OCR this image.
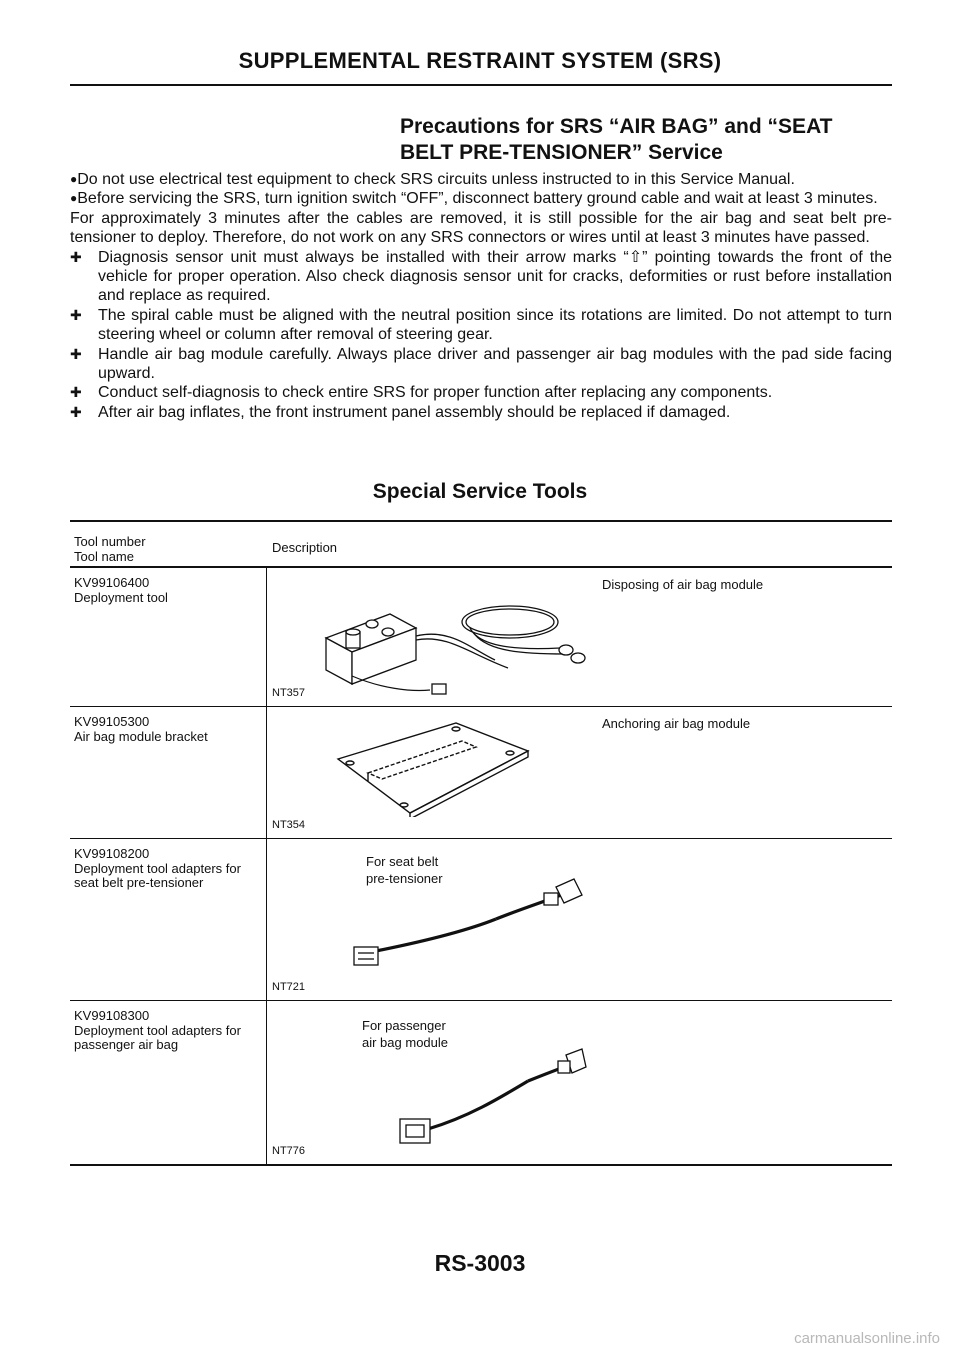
SUPPLEMENTAL RESTRAINT SYSTEM (SRS)
Precautions for SRS “AIR BAG” and “SEAT
BELT PRE-TENSIONER” Service

●Do not use electrical test equipment to check SRS circuits unless instructed to in this Service Manual.

●Before servicing the SRS, turn ignition switch “OFF”, disconnect battery ground cable and wait at least 3 minutes.

For approximately 3 minutes after the cables are removed, it is still possible for the air bag and seat belt pre-tensioner to deploy. Therefore, do not work on any SRS connectors or wires until at least 3 minutes have passed.

✚ Diagnosis sensor unit must always be installed with their arrow marks “⇧” pointing towards the front of the vehicle for proper operation. Also check diagnosis sensor unit for cracks, deformities or rust before installation and replace as required.
✚ The spiral cable must be aligned with the neutral position since its rotations are limited. Do not attempt to turn steering wheel or column after removal of steering gear.
✚ Handle air bag module carefully. Always place driver and passenger air bag modules with the pad side facing upward.
✚ Conduct self-diagnosis to check entire SRS for proper function after replacing any components.
✚ After air bag inflates, the front instrument panel assembly should be replaced if damaged.
Special Service Tools
Tool number
Tool name
Description
KV99106400
Deployment tool
Disposing of air bag module
NT357
KV99105300
Air bag module bracket
Anchoring air bag module
NT354
KV99108200
Deployment tool adapters for
seat belt pre-tensioner
For seat belt
pre-tensioner
NT721
KV99108300
Deployment tool adapters for
passenger air bag
For passenger
air bag module
NT776
RS-3003
carmanualsonline.info
